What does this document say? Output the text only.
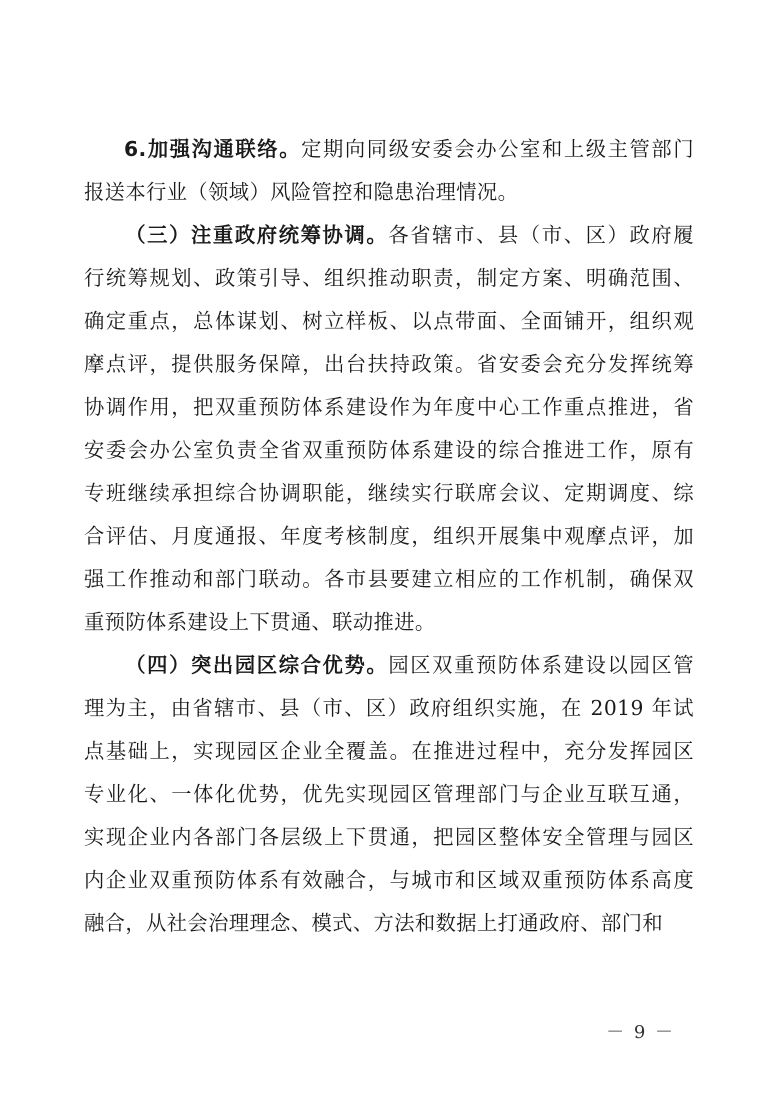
6.加强沟通联络。定期向同级安委会办公室和上级主管部门
报送本行业（领域）风险管控和隐患治理情况。
（三）注重政府统筹协调。各省辖市、县（市、区）政府履
行统筹规划、政策引导、组织推动职责，制定方案、明确范围、
确定重点，总体谋划、树立样板、以点带面、全面铺开，组织观
摩点评，提供服务保障，出台扶持政策。省安委会充分发挥统筹
协调作用，把双重预防体系建设作为年度中心工作重点推进，省
安委会办公室负责全省双重预防体系建设的综合推进工作，原有
专班继续承担综合协调职能，继续实行联席会议、定期调度、综
合评估、月度通报、年度考核制度，组织开展集中观摩点评，加
强工作推动和部门联动。各市县要建立相应的工作机制，确保双
重预防体系建设上下贯通、联动推进。
（四）突出园区综合优势。园区双重预防体系建设以园区管
理为主，由省辖市、县（市、区）政府组织实施，在 2019 年试
点基础上，实现园区企业全覆盖。在推进过程中，充分发挥园区
专业化、一体化优势，优先实现园区管理部门与企业互联互通，
实现企业内各部门各层级上下贯通，把园区整体安全管理与园区
内企业双重预防体系有效融合，与城市和区域双重预防体系高度
融合，从社会治理理念、模式、方法和数据上打通政府、部门和
－ 9 －
